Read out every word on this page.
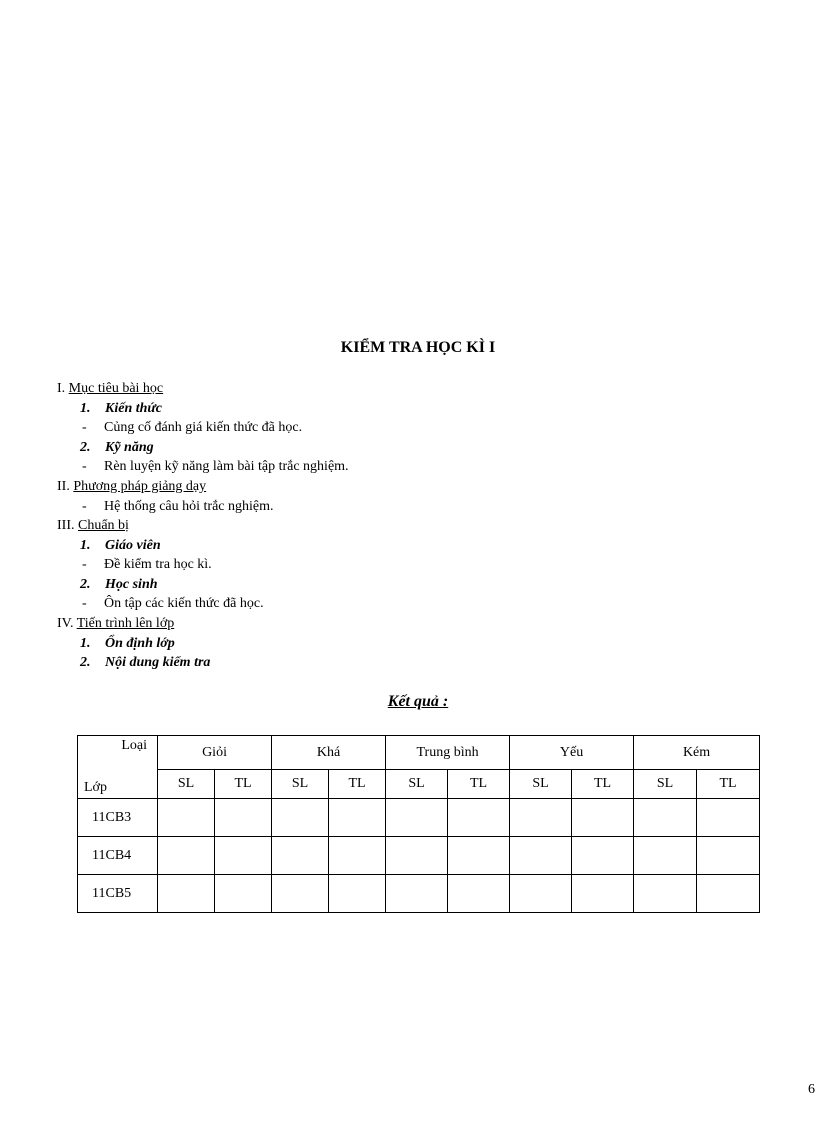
KIỂM TRA HỌC KÌ I
I. Mục tiêu bài học
1. Kiến thức
- Củng cố đánh giá kiến thức đã học.
2. Kỹ năng
- Rèn luyện kỹ năng làm bài tập trắc nghiệm.
II. Phương pháp giảng dạy
- Hệ thống câu hỏi trắc nghiệm.
III. Chuẩn bị
1. Giáo viên
- Đề kiểm tra học kì.
2. Học sinh
- Ôn tập các kiến thức đã học.
IV. Tiến trình lên lớp
1. Ổn định lớp
2. Nội dung kiểm tra
Kết quả :
Loại
Lớp	Giỏi		Khá		Trung bình		Yếu		Kém	
	SL	TL	SL	TL	SL	TL	SL	TL	SL	TL
11CB3										
11CB4										
11CB5										
6
